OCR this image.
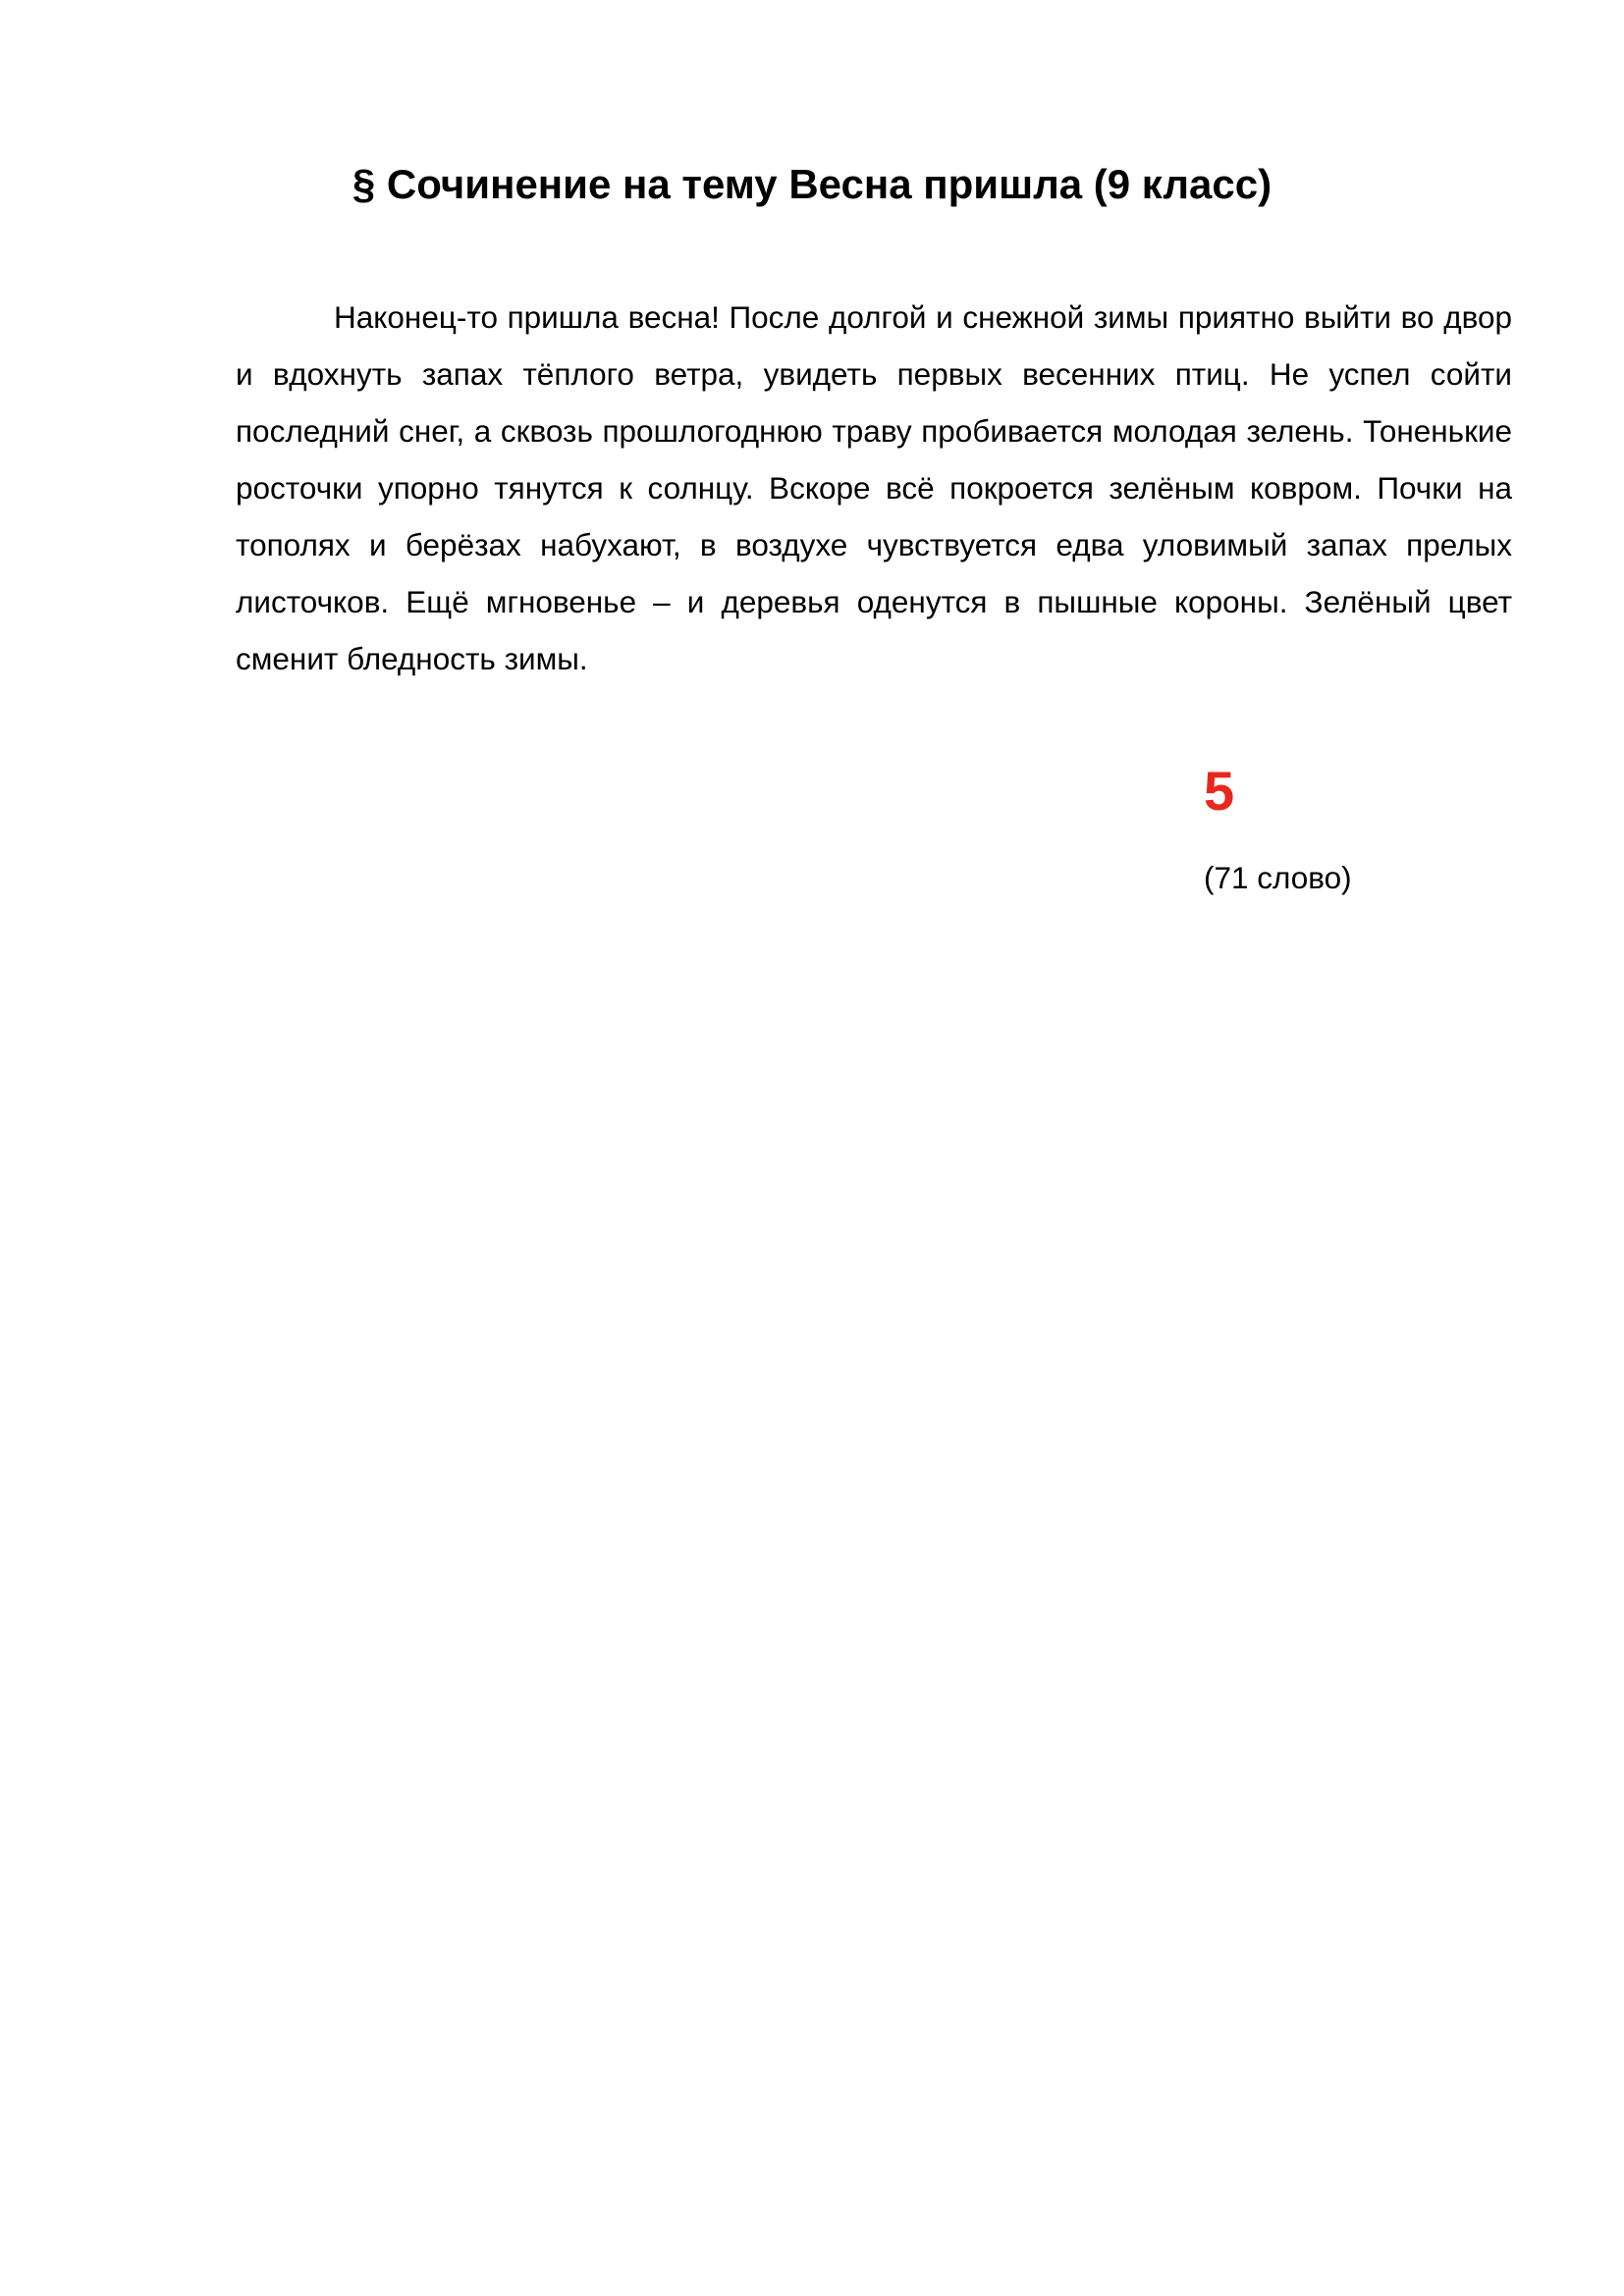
§ Сочинение на тему Весна пришла (9 класс)

Наконец-то пришла весна! После долгой и снежной зимы приятно выйти во двор и вдохнуть запах тёплого ветра, увидеть первых весенних птиц. Не успел сойти последний снег, а сквозь прошлогоднюю траву пробивается молодая зелень. Тоненькие росточки упорно тянутся к солнцу. Вскоре всё покроется зелёным ковром. Почки на тополях и берёзах набухают, в воздухе чувствуется едва уловимый запах прелых листочков. Ещё мгновенье – и деревья оденутся в пышные короны. Зелёный цвет сменит бледность зимы.

5
(71 слово)
